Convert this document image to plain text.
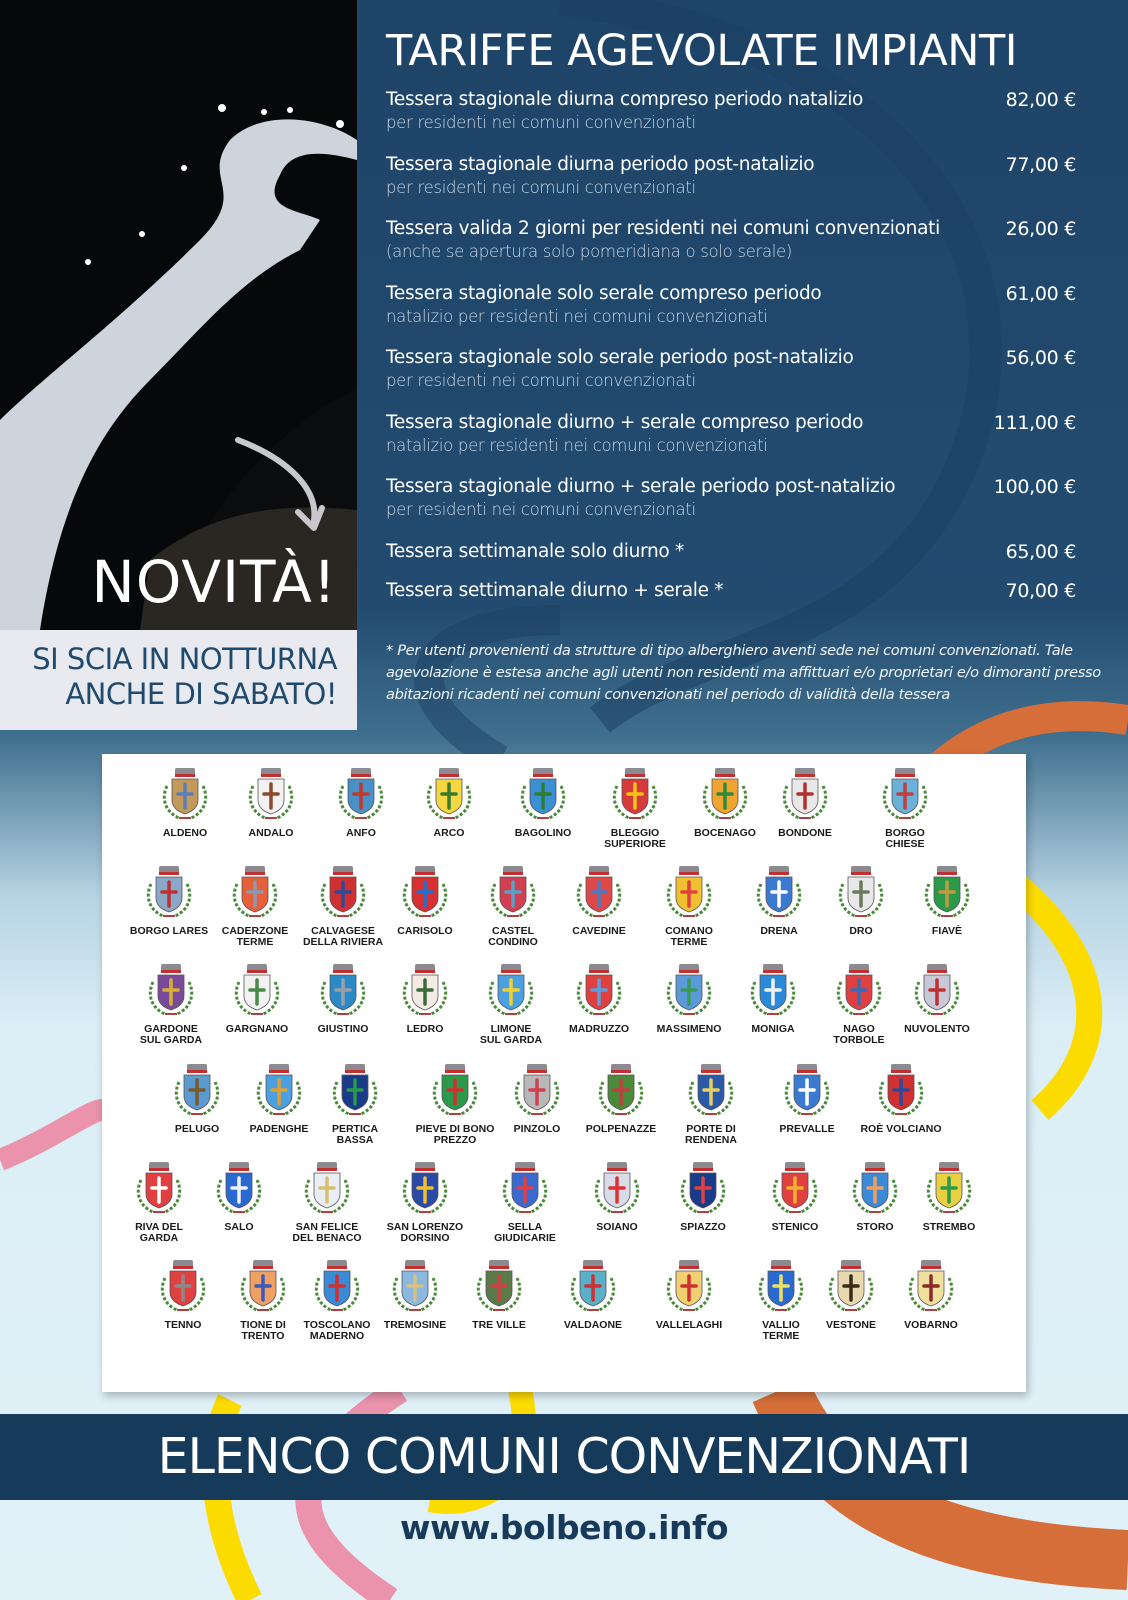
NOVITÀ!
SI SCIA IN NOTTURNA
ANCHE DI SABATO!
TARIFFE AGEVOLATE IMPIANTI
Tessera stagionale diurna compreso periodo natalizio
per residenti nei comuni convenzionati
82,00 €
Tessera stagionale diurna periodo post-natalizio
per residenti nei comuni convenzionati
77,00 €
Tessera valida 2 giorni per residenti nei comuni convenzionati
(anche se apertura solo pomeridiana o solo serale)
26,00 €
Tessera stagionale solo serale compreso periodo
natalizio per residenti nei comuni convenzionati
61,00 €
Tessera stagionale solo serale periodo post-natalizio
per residenti nei comuni convenzionati
56,00 €
Tessera stagionale diurno + serale compreso periodo
natalizio per residenti nei comuni convenzionati
111,00 €
Tessera stagionale diurno + serale periodo post-natalizio
per residenti nei comuni convenzionati
100,00 €
Tessera settimanale solo diurno *	65,00 €
Tessera settimanale diurno + serale *	70,00 €
* Per utenti provenienti da strutture di tipo alberghiero aventi sede nei comuni convenzionati. Tale agevolazione è estesa anche agli utenti non residenti ma affittuari e/o proprietari e/o dimoranti presso abitazioni ricadenti nei comuni convenzionati nel periodo di validità della tessera
ALDENO	ANDALO	ANFO	ARCO	BAGOLINO	BLEGGIO
SUPERIORE
BOCENAGO	BONDONE	BORGO
CHIESE
BORGO LARES	CADERZONE
TERME
CALVAGESE
DELLA RIVIERA
CARISOLO	CASTEL
CONDINO
CAVEDINE	COMANO
TERME
DRENA	DRO	FIAVÈ
GARDONE
SUL GARDA
GARGNANO	GIUSTINO	LEDRO	LIMONE
SUL GARDA
MADRUZZO	MASSIMENO	MONIGA	NAGO
TORBOLE
NUVOLENTO
PELUGO	PADENGHE	PERTICA
BASSA
PIEVE DI BONO
PREZZO
PINZOLO	POLPENAZZE	PORTE DI
RENDENA
PREVALLE	ROÈ VOLCIANO
RIVA DEL
GARDA
SALO	SAN FELICE
DEL BENACO
SAN LORENZO
DORSINO
SELLA
GIUDICARIE
SOIANO	SPIAZZO	STENICO	STORO	STREMBO
TENNO	TIONE DI
TRENTO
TOSCOLANO
MADERNO
TREMOSINE	TRE VILLE	VALDAONE	VALLELAGHI	VALLIO
TERME
VESTONE	VOBARNO
ELENCO COMUNI CONVENZIONATI
www.bolbeno.info
